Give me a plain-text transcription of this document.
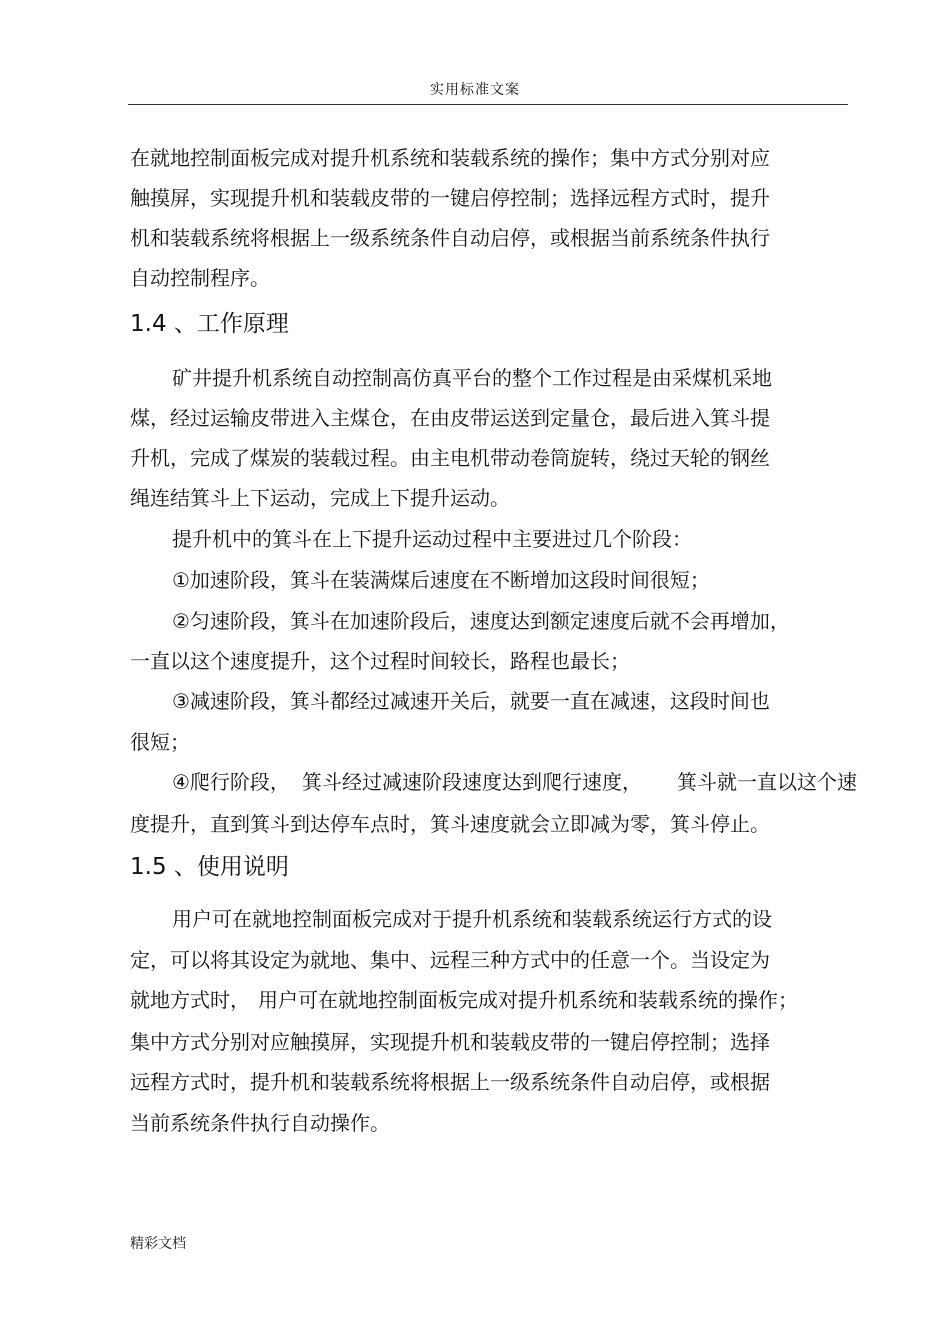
实用标准文案
在就地控制面板完成对提升机系统和装载系统的操作；集中方式分别对应
触摸屏，实现提升机和装载皮带的一键启停控制；选择远程方式时，提升
机和装载系统将根据上一级系统条件自动启停，或根据当前系统条件执行
自动控制程序。
1.4 、工作原理
矿井提升机系统自动控制高仿真平台的整个工作过程是由采煤机采地
煤，经过运输皮带进入主煤仓，在由皮带运送到定量仓，最后进入箕斗提
升机，完成了煤炭的装载过程。由主电机带动卷筒旋转，绕过天轮的钢丝
绳连结箕斗上下运动，完成上下提升运动。
提升机中的箕斗在上下提升运动过程中主要进过几个阶段：
①加速阶段，箕斗在装满煤后速度在不断增加这段时间很短；
②匀速阶段，箕斗在加速阶段后，速度达到额定速度后就不会再增加，
一直以这个速度提升，这个过程时间较长，路程也最长；
③减速阶段，箕斗都经过减速开关后，就要一直在减速，这段时间也
很短；
④爬行阶段， 箕斗经过减速阶段速度达到爬行速度， 箕斗就一直以这个速
度提升，直到箕斗到达停车点时，箕斗速度就会立即减为零，箕斗停止。
1.5 、使用说明
用户可在就地控制面板完成对于提升机系统和装载系统运行方式的设
定，可以将其设定为就地、集中、远程三种方式中的任意一个。当设定为
就地方式时， 用户可在就地控制面板完成对提升机系统和装载系统的操作；
集中方式分别对应触摸屏，实现提升机和装载皮带的一键启停控制；选择
远程方式时，提升机和装载系统将根据上一级系统条件自动启停，或根据
当前系统条件执行自动操作。
精彩文档
